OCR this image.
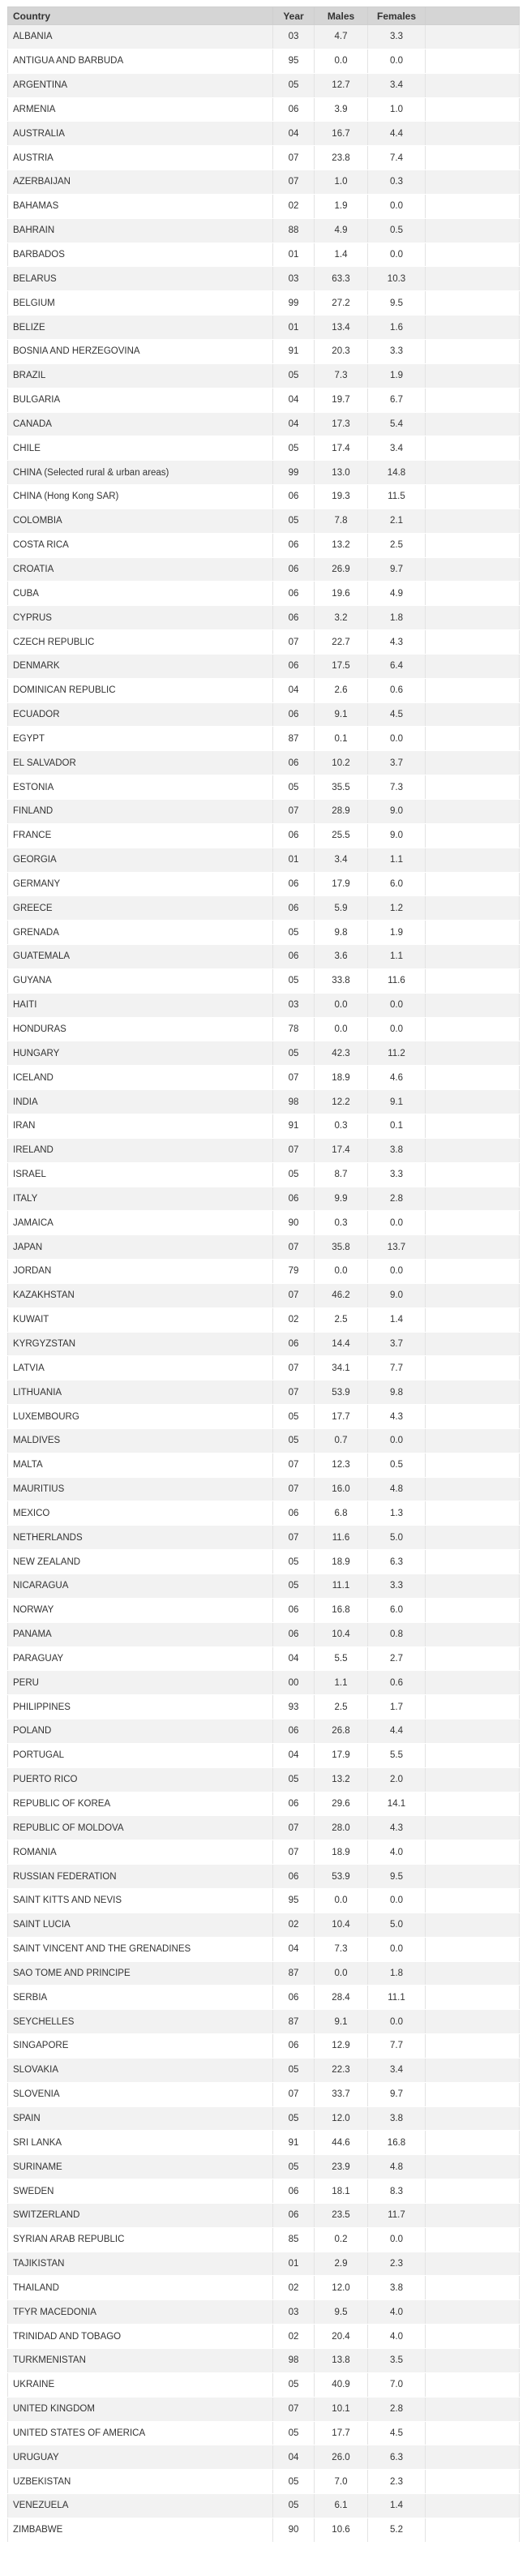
Country	Year	Males	Females	
ALBANIA	03	4.7	3.3	
ANTIGUA AND BARBUDA	95	0.0	0.0	
ARGENTINA	05	12.7	3.4	
ARMENIA	06	3.9	1.0	
AUSTRALIA	04	16.7	4.4	
AUSTRIA	07	23.8	7.4	
AZERBAIJAN	07	1.0	0.3	
BAHAMAS	02	1.9	0.0	
BAHRAIN	88	4.9	0.5	
BARBADOS	01	1.4	0.0	
BELARUS	03	63.3	10.3	
BELGIUM	99	27.2	9.5	
BELIZE	01	13.4	1.6	
BOSNIA AND HERZEGOVINA	91	20.3	3.3	
BRAZIL	05	7.3	1.9	
BULGARIA	04	19.7	6.7	
CANADA	04	17.3	5.4	
CHILE	05	17.4	3.4	
CHINA (Selected rural & urban areas)	99	13.0	14.8	
CHINA (Hong Kong SAR)	06	19.3	11.5	
COLOMBIA	05	7.8	2.1	
COSTA RICA	06	13.2	2.5	
CROATIA	06	26.9	9.7	
CUBA	06	19.6	4.9	
CYPRUS	06	3.2	1.8	
CZECH REPUBLIC	07	22.7	4.3	
DENMARK	06	17.5	6.4	
DOMINICAN REPUBLIC	04	2.6	0.6	
ECUADOR	06	9.1	4.5	
EGYPT	87	0.1	0.0	
EL SALVADOR	06	10.2	3.7	
ESTONIA	05	35.5	7.3	
FINLAND	07	28.9	9.0	
FRANCE	06	25.5	9.0	
GEORGIA	01	3.4	1.1	
GERMANY	06	17.9	6.0	
GREECE	06	5.9	1.2	
GRENADA	05	9.8	1.9	
GUATEMALA	06	3.6	1.1	
GUYANA	05	33.8	11.6	
HAITI	03	0.0	0.0	
HONDURAS	78	0.0	0.0	
HUNGARY	05	42.3	11.2	
ICELAND	07	18.9	4.6	
INDIA	98	12.2	9.1	
IRAN	91	0.3	0.1	
IRELAND	07	17.4	3.8	
ISRAEL	05	8.7	3.3	
ITALY	06	9.9	2.8	
JAMAICA	90	0.3	0.0	
JAPAN	07	35.8	13.7	
JORDAN	79	0.0	0.0	
KAZAKHSTAN	07	46.2	9.0	
KUWAIT	02	2.5	1.4	
KYRGYZSTAN	06	14.4	3.7	
LATVIA	07	34.1	7.7	
LITHUANIA	07	53.9	9.8	
LUXEMBOURG	05	17.7	4.3	
MALDIVES	05	0.7	0.0	
MALTA	07	12.3	0.5	
MAURITIUS	07	16.0	4.8	
MEXICO	06	6.8	1.3	
NETHERLANDS	07	11.6	5.0	
NEW ZEALAND	05	18.9	6.3	
NICARAGUA	05	11.1	3.3	
NORWAY	06	16.8	6.0	
PANAMA	06	10.4	0.8	
PARAGUAY	04	5.5	2.7	
PERU	00	1.1	0.6	
PHILIPPINES	93	2.5	1.7	
POLAND	06	26.8	4.4	
PORTUGAL	04	17.9	5.5	
PUERTO RICO	05	13.2	2.0	
REPUBLIC OF KOREA	06	29.6	14.1	
REPUBLIC OF MOLDOVA	07	28.0	4.3	
ROMANIA	07	18.9	4.0	
RUSSIAN FEDERATION	06	53.9	9.5	
SAINT KITTS AND NEVIS	95	0.0	0.0	
SAINT LUCIA	02	10.4	5.0	
SAINT VINCENT AND THE GRENADINES	04	7.3	0.0	
SAO TOME AND PRINCIPE	87	0.0	1.8	
SERBIA	06	28.4	11.1	
SEYCHELLES	87	9.1	0.0	
SINGAPORE	06	12.9	7.7	
SLOVAKIA	05	22.3	3.4	
SLOVENIA	07	33.7	9.7	
SPAIN	05	12.0	3.8	
SRI LANKA	91	44.6	16.8	
SURINAME	05	23.9	4.8	
SWEDEN	06	18.1	8.3	
SWITZERLAND	06	23.5	11.7	
SYRIAN ARAB REPUBLIC	85	0.2	0.0	
TAJIKISTAN	01	2.9	2.3	
THAILAND	02	12.0	3.8	
TFYR MACEDONIA	03	9.5	4.0	
TRINIDAD AND TOBAGO	02	20.4	4.0	
TURKMENISTAN	98	13.8	3.5	
UKRAINE	05	40.9	7.0	
UNITED KINGDOM	07	10.1	2.8	
UNITED STATES OF AMERICA	05	17.7	4.5	
URUGUAY	04	26.0	6.3	
UZBEKISTAN	05	7.0	2.3	
VENEZUELA	05	6.1	1.4	
ZIMBABWE	90	10.6	5.2	
